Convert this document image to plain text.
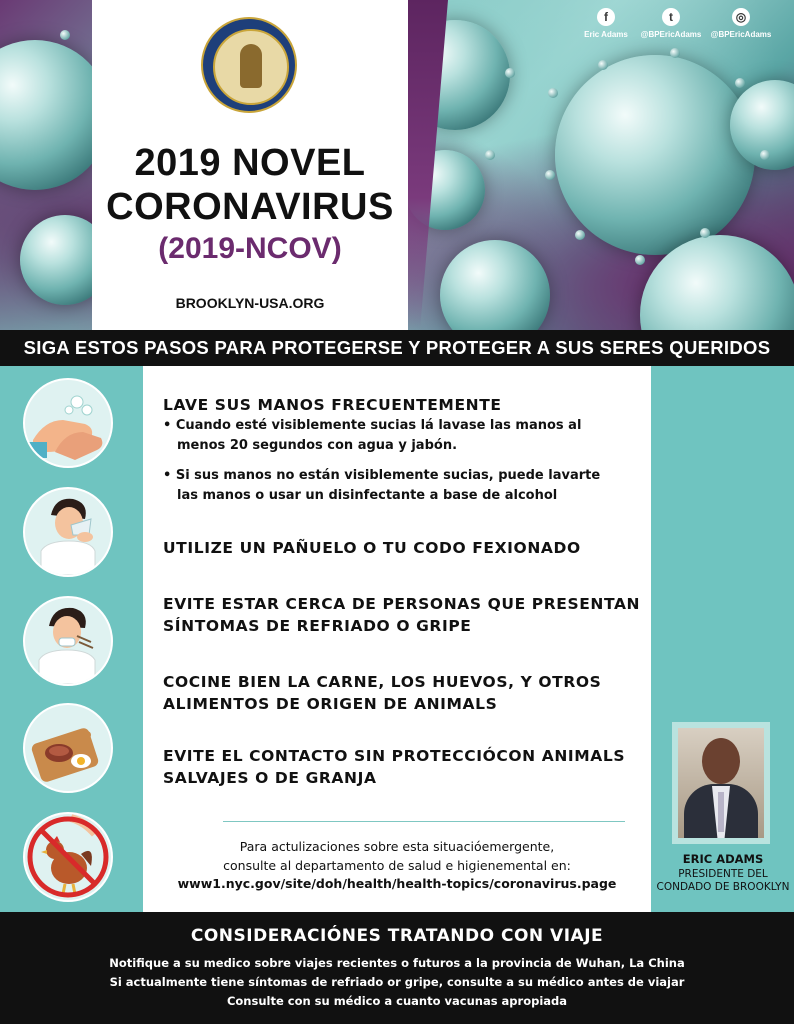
2019 NOVEL
CORONAVIRUS
(2019-NCOV)
BROOKLYN-USA.ORG
f
Eric Adams
t
@BPEricAdams
◎
@BPEricAdams
SIGA ESTOS PASOS PARA PROTEGERSE Y PROTEGER A SUS SERES QUERIDOS
LAVE SUS MANOS FRECUENTEMENTE
• Cuando esté visiblemente sucias lá lavase las manos al
menos 20 segundos con agua y jabón.
• Si sus manos no están visiblemente sucias, puede lavarte
las manos o usar un disinfectante a base de alcohol
UTILIZE UN PAÑUELO O TU CODO FEXIONADO
EVITE ESTAR CERCA DE PERSONAS QUE PRESENTAN
SÍNTOMAS DE REFRIADO O GRIPE
COCINE BIEN LA CARNE, LOS HUEVOS, Y OTROS
ALIMENTOS DE ORIGEN DE ANIMALS
EVITE EL CONTACTO SIN PROTECCIÓCON ANIMALS
SALVAJES O DE GRANJA
Para actulizaciones sobre esta situacióemergente,
consulte al departamento de salud e higienemental en:
www1.nyc.gov/site/doh/health/health-topics/coronavirus.page
ERIC ADAMS
PRESIDENTE DEL
CONDADO DE BROOKLYN
CONSIDERACIÓNES TRATANDO CON VIAJE
Notifique a su medico sobre viajes recientes o futuros a la provincia de Wuhan, La China
Si actualmente tiene síntomas de refriado or gripe, consulte a su médico antes de viajar
Consulte con su médico a cuanto vacunas apropiada
